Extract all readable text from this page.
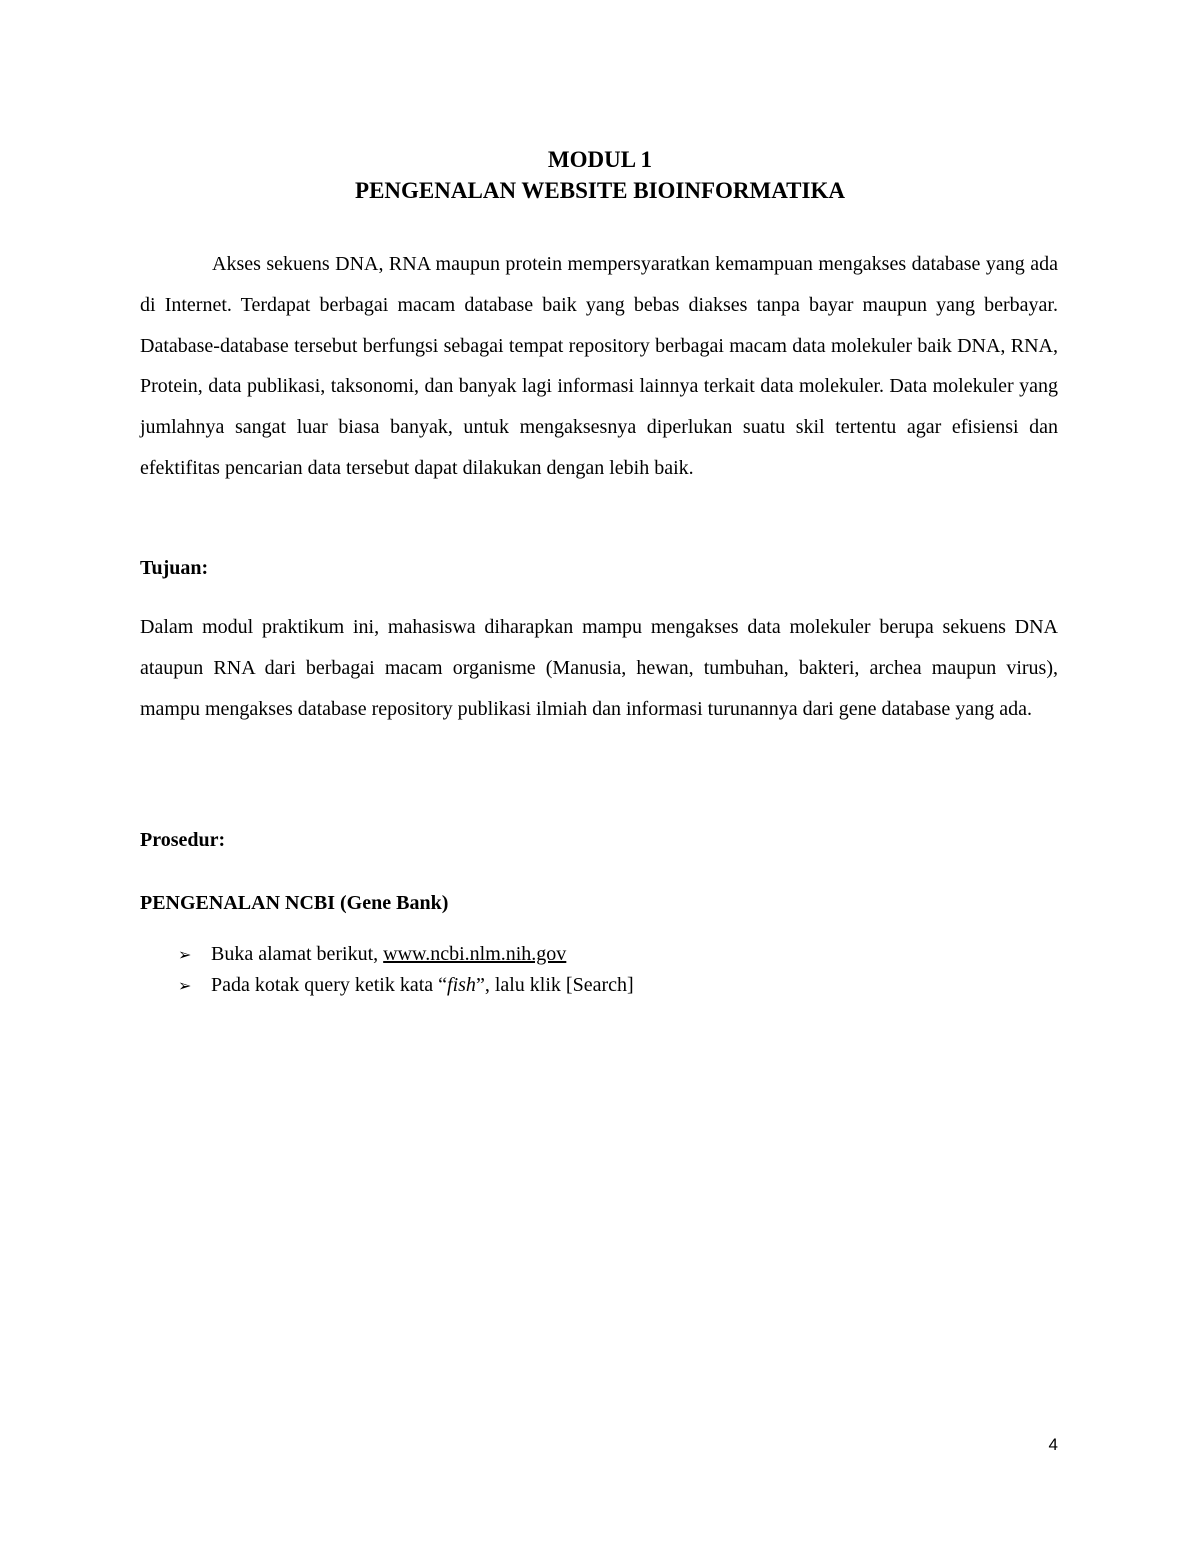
MODUL 1
PENGENALAN WEBSITE BIOINFORMATIKA

Akses sekuens DNA, RNA maupun protein mempersyaratkan kemampuan mengakses database yang ada di Internet. Terdapat berbagai macam database baik yang bebas diakses tanpa bayar maupun yang berbayar. Database-database tersebut berfungsi sebagai tempat repository berbagai macam data molekuler baik DNA, RNA, Protein, data publikasi, taksonomi, dan banyak lagi informasi lainnya terkait data molekuler. Data molekuler yang jumlahnya sangat luar biasa banyak, untuk mengaksesnya diperlukan suatu skil tertentu agar efisiensi dan efektifitas pencarian data tersebut dapat dilakukan dengan lebih baik.

Tujuan:

Dalam modul praktikum ini, mahasiswa diharapkan mampu mengakses data molekuler berupa sekuens DNA ataupun RNA dari berbagai macam organisme (Manusia, hewan, tumbuhan, bakteri, archea maupun virus), mampu mengakses database repository publikasi ilmiah dan informasi turunannya dari gene database yang ada.

Prosedur:
PENGENALAN NCBI (Gene Bank)
➢ Buka alamat berikut, www.ncbi.nlm.nih.gov
➢ Pada kotak query ketik kata “fish”, lalu klik [Search]
4
